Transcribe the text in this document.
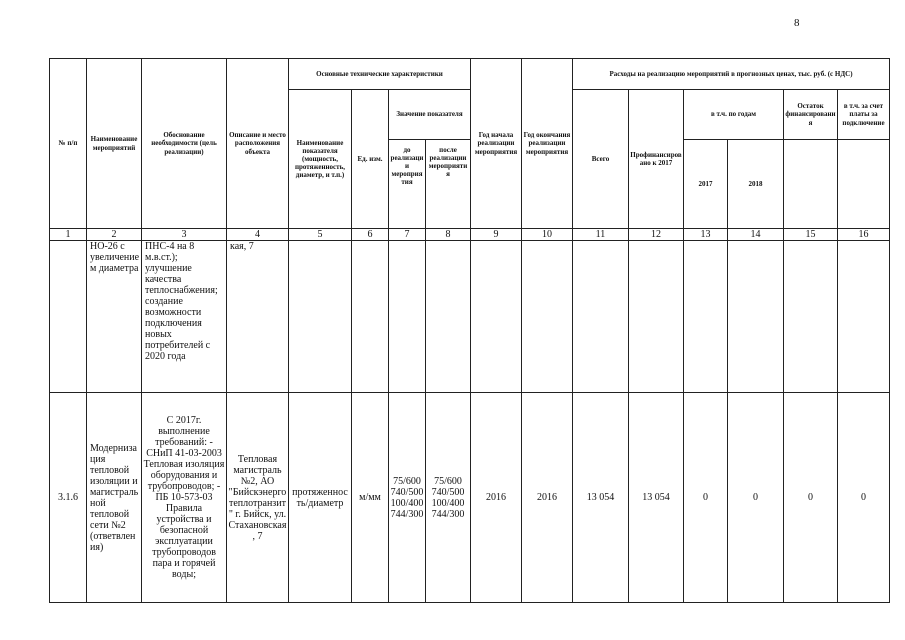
8
№ п/п	Наименование мероприятий	Обоснование необходимости (цель реализации)	Описание и место расположения объекта	Основные технические характеристики				Год начала реализации мероприятия	Год окончания реализации мероприятия	Расходы на реализацию мероприятий в прогнозных ценах, тыс. руб. (с НДС)					
				Наименование показателя (мощность, протяженность, диаметр, и т.п.)	Ед. изм.	Значение показателя				Всего	Профинансировано к 2017	в т.ч. по годам		Остаток финансирования	в т.ч. за счет платы за подключение
						до реализации мероприятия	после реализации мероприятия					2017	2018		
1	2	3	4	5	6	7	8	9	10	11	12	13	14	15	16
	НО-26 с увеличением диаметра	ПНС-4 на 8 м.в.ст.); улучшение качества теплоснабжения; создание возможности подключения новых потребителей с 2020 года	кая, 7												
3.1.6	Модернизация тепловой изоляции и магистральной тепловой сети №2 (ответвления)	С 2017г. выполнение требований: - СНиП 41-03-2003 Тепловая изоляция оборудования и трубопроводов; - ПБ 10-573-03 Правила устройства и безопасной эксплуатации трубопроводов пара и горячей воды;	Тепловая магистраль №2, АО "Бийскэнерготеплотранзит" г. Бийск, ул. Стахановская, 7	протяженность/диаметр	м/мм	75/600 740/500 100/400 744/300	75/600 740/500 100/400 744/300	2016	2016	13 054	13 054	0	0	0	0
